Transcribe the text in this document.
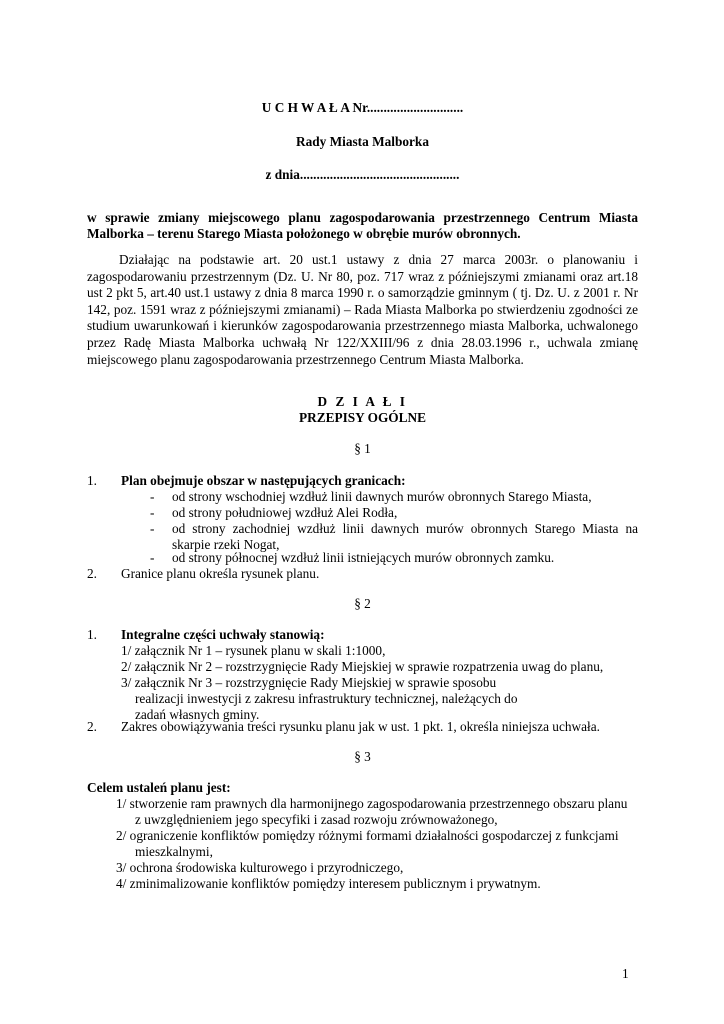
U C H W A Ł A Nr.............................
Rady Miasta Malborka
z dnia................................................
w sprawie zmiany miejscowego planu zagospodarowania przestrzennego Centrum Miasta Malborka – terenu Starego Miasta położonego w obrębie murów obronnych.
Działając na podstawie art. 20 ust.1 ustawy z dnia 27 marca 2003r. o planowaniu i zagospodarowaniu przestrzennym (Dz. U. Nr 80, poz. 717 wraz z późniejszymi zmianami oraz art.18 ust 2 pkt 5, art.40 ust.1 ustawy z dnia 8 marca 1990 r. o samorządzie gminnym ( tj. Dz. U. z 2001 r. Nr 142, poz. 1591 wraz z późniejszymi zmianami) – Rada Miasta Malborka po stwierdzeniu zgodności ze studium uwarunkowań i kierunków zagospodarowania przestrzennego miasta Malborka, uchwalonego przez Radę Miasta Malborka uchwałą Nr 122/XXIII/96 z dnia 28.03.1996 r., uchwala zmianę miejscowego planu zagospodarowania przestrzennego Centrum Miasta Malborka.
D Z I A Ł I
PRZEPISY OGÓLNE
§ 1
1. Plan obejmuje obszar w następujących granicach:
- od strony wschodniej wzdłuż linii dawnych murów obronnych Starego Miasta,
- od strony południowej wzdłuż Alei Rodła,
- od strony zachodniej wzdłuż linii dawnych murów obronnych Starego Miasta na skarpie rzeki Nogat,
- od strony północnej wzdłuż linii istniejących murów obronnych zamku.
2. Granice planu określa rysunek planu.
§ 2
1. Integralne części uchwały stanowią:
1/ załącznik Nr 1 – rysunek planu w skali 1:1000,
2/ załącznik Nr 2 – rozstrzygnięcie Rady Miejskiej w sprawie rozpatrzenia uwag do planu,
3/ załącznik Nr 3 – rozstrzygnięcie Rady Miejskiej w sprawie sposobu
realizacji inwestycji z zakresu infrastruktury technicznej, należących do
zadań własnych gminy.
2. Zakres obowiązywania treści rysunku planu jak w ust. 1 pkt. 1, określa niniejsza uchwała.
§ 3
Celem ustaleń planu jest:
1/ stworzenie ram prawnych dla harmonijnego zagospodarowania przestrzennego obszaru planu
z uwzględnieniem jego specyfiki i zasad rozwoju zrównoważonego,
2/ ograniczenie konfliktów pomiędzy różnymi formami działalności gospodarczej z funkcjami
mieszkalnymi,
3/ ochrona środowiska kulturowego i przyrodniczego,
4/ zminimalizowanie konfliktów pomiędzy interesem publicznym i prywatnym.
1
